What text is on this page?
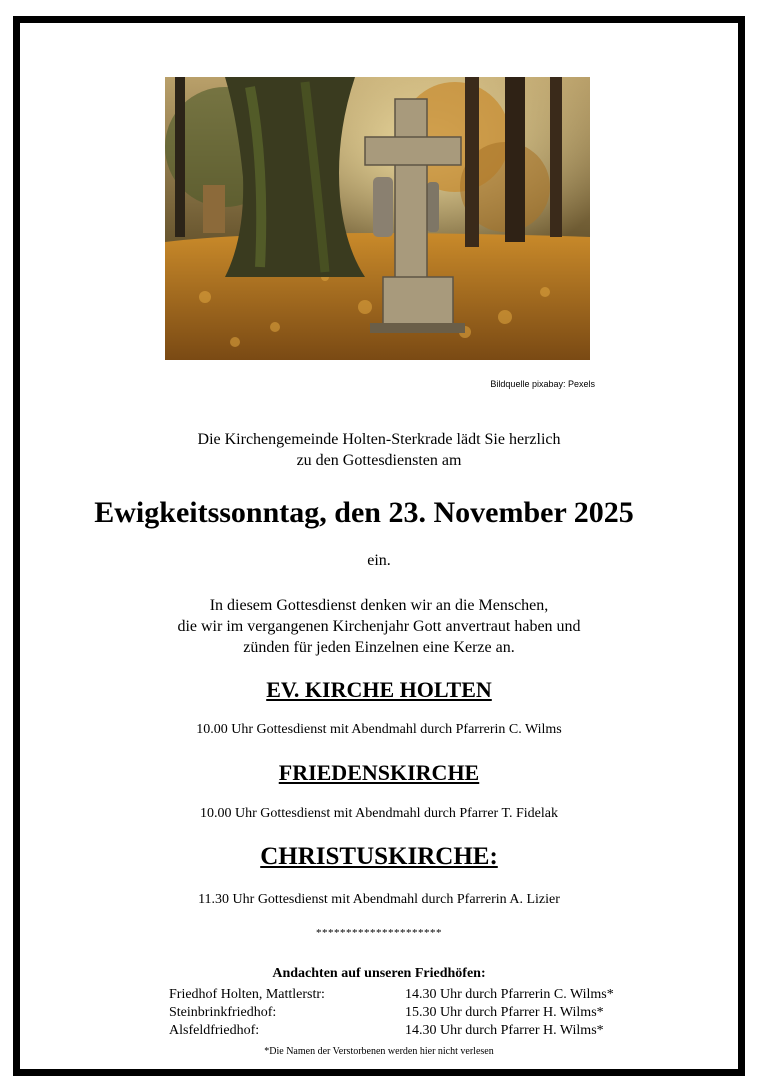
Bildquelle pixabay: Pexels
Die Kirchengemeinde Holten-Sterkrade lädt Sie herzlich
zu den Gottesdiensten am
Ewigkeitssonntag, den 23. November 2025
ein.
In diesem Gottesdienst denken wir an die Menschen,
die wir im vergangenen Kirchenjahr Gott anvertraut haben und
zünden für jeden Einzelnen eine Kerze an.
EV. KIRCHE HOLTEN
10.00 Uhr Gottesdienst mit Abendmahl durch Pfarrerin C. Wilms
FRIEDENSKIRCHE
10.00 Uhr Gottesdienst mit Abendmahl durch Pfarrer T. Fidelak
CHRISTUSKIRCHE:
11.30 Uhr Gottesdienst mit Abendmahl durch Pfarrerin A. Lizier
*********************
Andachten auf unseren Friedhöfen:
Friedhof Holten, Mattlerstr:	14.30 Uhr durch Pfarrerin C. Wilms*
Steinbrinkfriedhof:	15.30 Uhr durch Pfarrer H. Wilms*
Alsfeldfriedhof:	14.30 Uhr durch Pfarrer H. Wilms*
*Die Namen der Verstorbenen werden hier nicht verlesen
